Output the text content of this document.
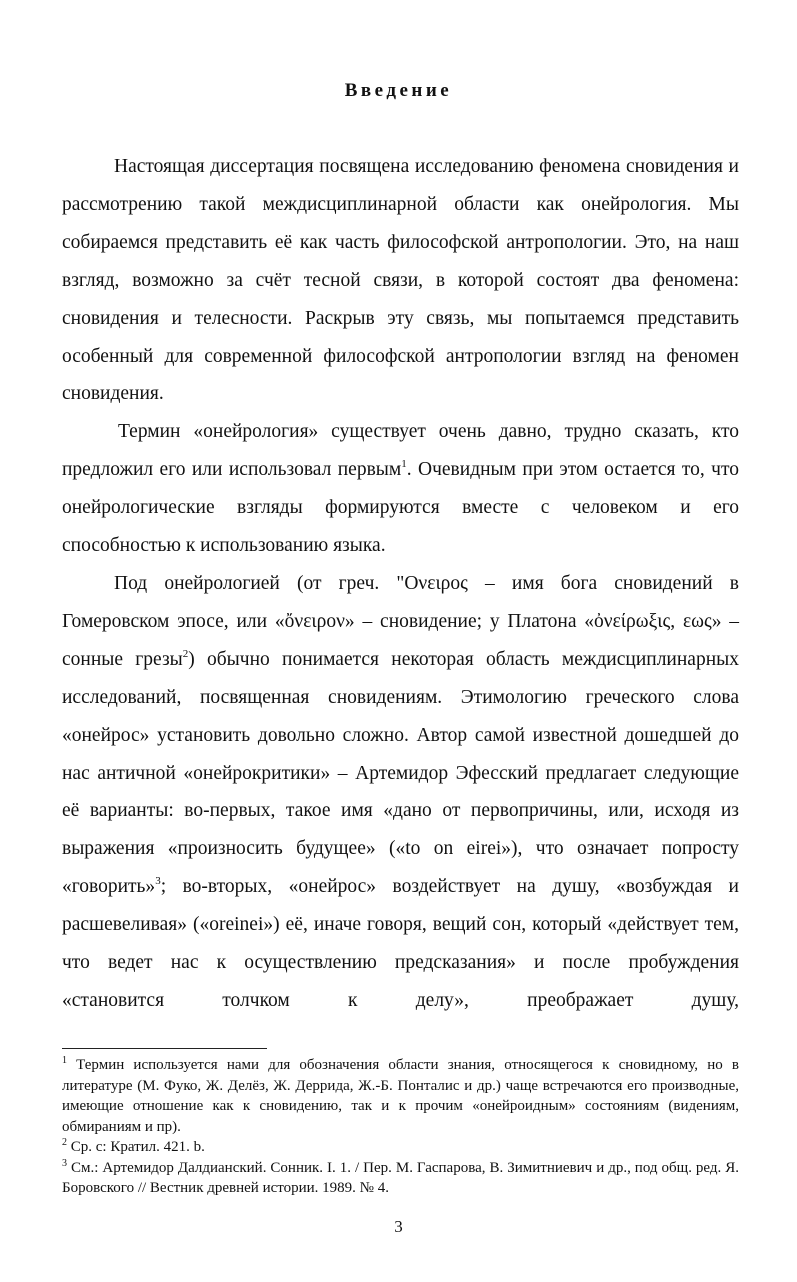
Введение

Настоящая диссертация посвящена исследованию феномена сновидения и рассмотрению такой междисциплинарной области как онейрология. Мы собираемся представить её как часть философской антропологии. Это, на наш взгляд, возможно за счёт тесной связи, в которой состоят два феномена: сновидения и телесности. Раскрыв эту связь, мы попытаемся представить особенный для современной философской антропологии взгляд на феномен сновидения.

Термин «онейрология» существует очень давно, трудно сказать, кто предложил его или использовал первым$^1$. Очевидным при этом остается то, что онейрологические взгляды формируются вместе с человеком и его способностью к использованию языка.

Под онейрологией (от греч. "Ονειρος – имя бога сновидений в Гомеровском эпосе, или «ὄνειρον» – сновидение; у Платона «ὀνείρωξις, εως» – сонные грезы$^2$) обычно понимается некоторая область междисциплинарных исследований, посвященная сновидениям. Этимологию греческого слова «онейрос» установить довольно сложно. Автор самой известной дошедшей до нас античной «онейрокритики» – Артемидор Эфесский предлагает следующие её варианты: во-первых, такое имя «дано от первопричины, или, исходя из выражения «произносить будущее» («to on eirei»), что означает попросту «говорить»$^3$; во-вторых, «онейрос» воздействует на душу, «возбуждая и расшевеливая» («oreinei») её, иначе говоря, вещий сон, который «действует тем, что ведет нас к осуществлению предсказания» и после пробуждения «становится толчком к делу», преображает душу,

$^1$ Термин используется нами для обозначения области знания, относящегося к сновидному, но в литературе (М. Фуко, Ж. Делёз, Ж. Деррида, Ж.-Б. Понталис и др.) чаще встречаются его производные, имеющие отношение как к сновидению, так и к прочим «онейроидным» состояниям (видениям, обмираниям и пр).

$^2$ Ср. с: Кратил. 421. b.

$^3$ См.: Артемидор Далдианский. Сонник. I. 1. / Пер. М. Гаспарова, В. Зимитниевич и др., под общ. ред. Я. Боровского // Вестник древней истории. 1989. № 4.

3
